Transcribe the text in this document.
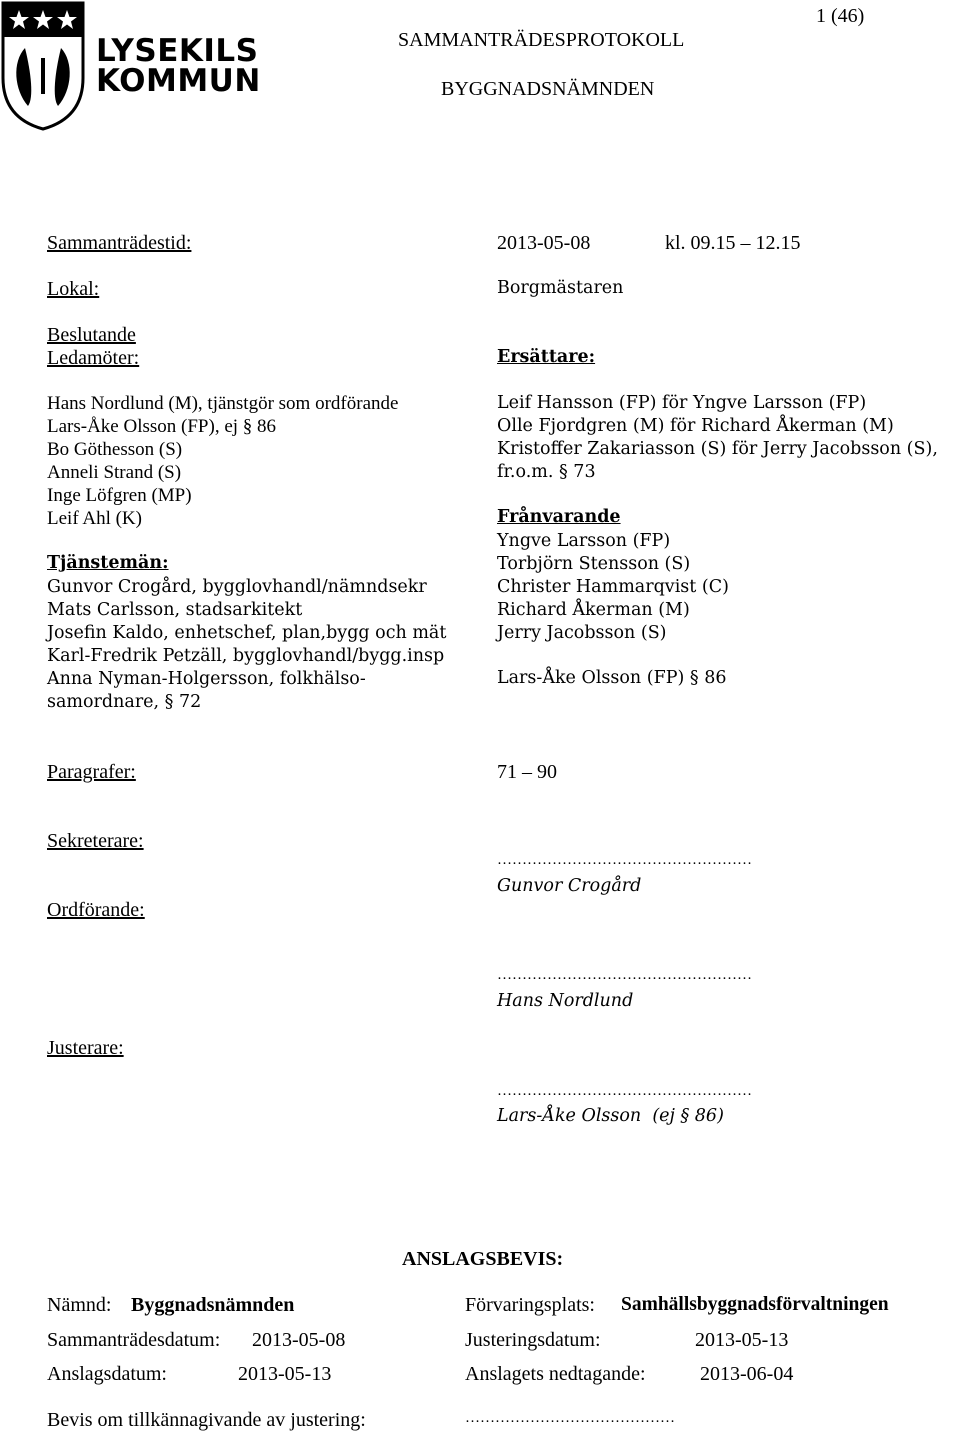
LYSEKILS
KOMMUN
1 (46)
SAMMANTRÄDESPROTOKOLL
BYGGNADSNÄMNDEN
Sammanträdestid:	2013-05-08	kl. 09.15 – 12.15
Lokal:	Borgmästaren
Beslutande
Ledamöter:
Hans Nordlund (M), tjänstgör som ordförande
Lars-Åke Olsson (FP), ej § 86
Bo Göthesson (S)
Anneli Strand (S)
Inge Löfgren (MP)
Leif Ahl (K)
Tjänstemän:
Gunvor Crogård, bygglovhandl/nämndsekr
Mats Carlsson, stadsarkitekt
Josefin Kaldo, enhetschef, plan,bygg och mät
Karl-Fredrik Petzäll, bygglovhandl/bygg.insp
Anna Nyman-Holgersson, folkhälso-
samordnare, § 72
Ersättare:
Leif Hansson (FP) för Yngve Larsson (FP)
Olle Fjordgren (M) för Richard Åkerman (M)
Kristoffer Zakariasson (S) för Jerry Jacobsson (S),
fr.o.m. § 73
Frånvarande
Yngve Larsson (FP)
Torbjörn Stensson (S)
Christer Hammarqvist (C)
Richard Åkerman (M)
Jerry Jacobsson (S)
Lars-Åke Olsson (FP) § 86
Paragrafer:	71 – 90
Sekreterare:
……………………………………………
Gunvor Crogård
Ordförande:
……………………………………………
Hans Nordlund
Justerare:
……………………………………………
Lars-Åke Olsson  (ej § 86)
ANSLAGSBEVIS:
Nämnd: Byggnadsnämnden	Förvaringsplats: Samhällsbyggnadsförvaltningen
Sammanträdesdatum: 2013-05-08	Justeringsdatum:	2013-05-13
Anslagsdatum:	2013-05-13	Anslagets nedtagande:	2013-06-04
Bevis om tillkännagivande av justering:	……………………………………
